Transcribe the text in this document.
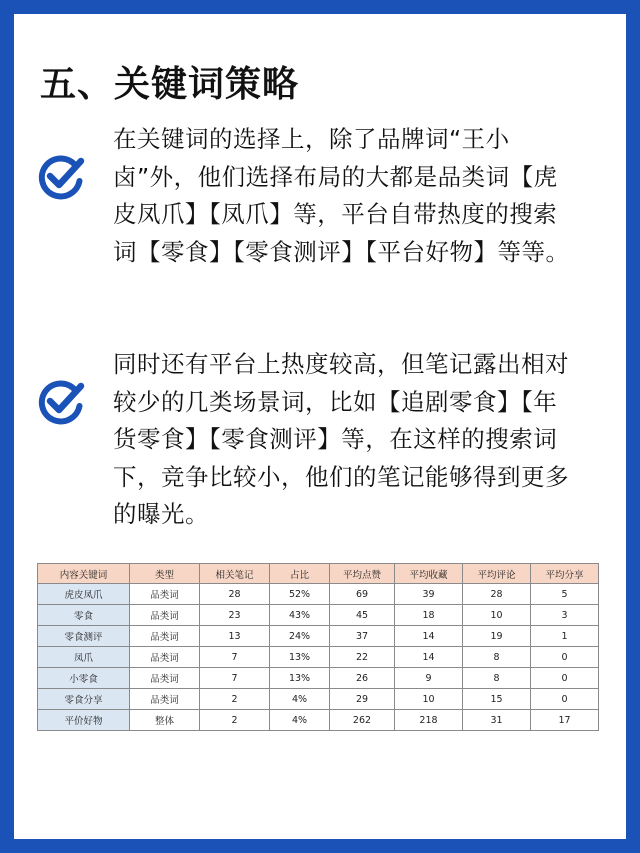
五、关键词策略

在关键词的选择上，除了品牌词“王小卤”外，他们选择布局的大都是品类词【虎皮凤爪】【凤爪】等，平台自带热度的搜索词【零食】【零食测评】【平台好物】等等。

同时还有平台上热度较高，但笔记露出相对较少的几类场景词，比如【追剧零食】【年货零食】【零食测评】等，在这样的搜索词下，竞争比较小，他们的笔记能够得到更多的曝光。

内容关键词	类型	相关笔记	占比	平均点赞	平均收藏	平均评论	平均分享
虎皮凤爪	品类词	28	52%	69	39	28	5
零食	品类词	23	43%	45	18	10	3
零食测评	品类词	13	24%	37	14	19	1
凤爪	品类词	7	13%	22	14	8	0
小零食	品类词	7	13%	26	9	8	0
零食分享	品类词	2	4%	29	10	15	0
平价好物	整体	2	4%	262	218	31	17
